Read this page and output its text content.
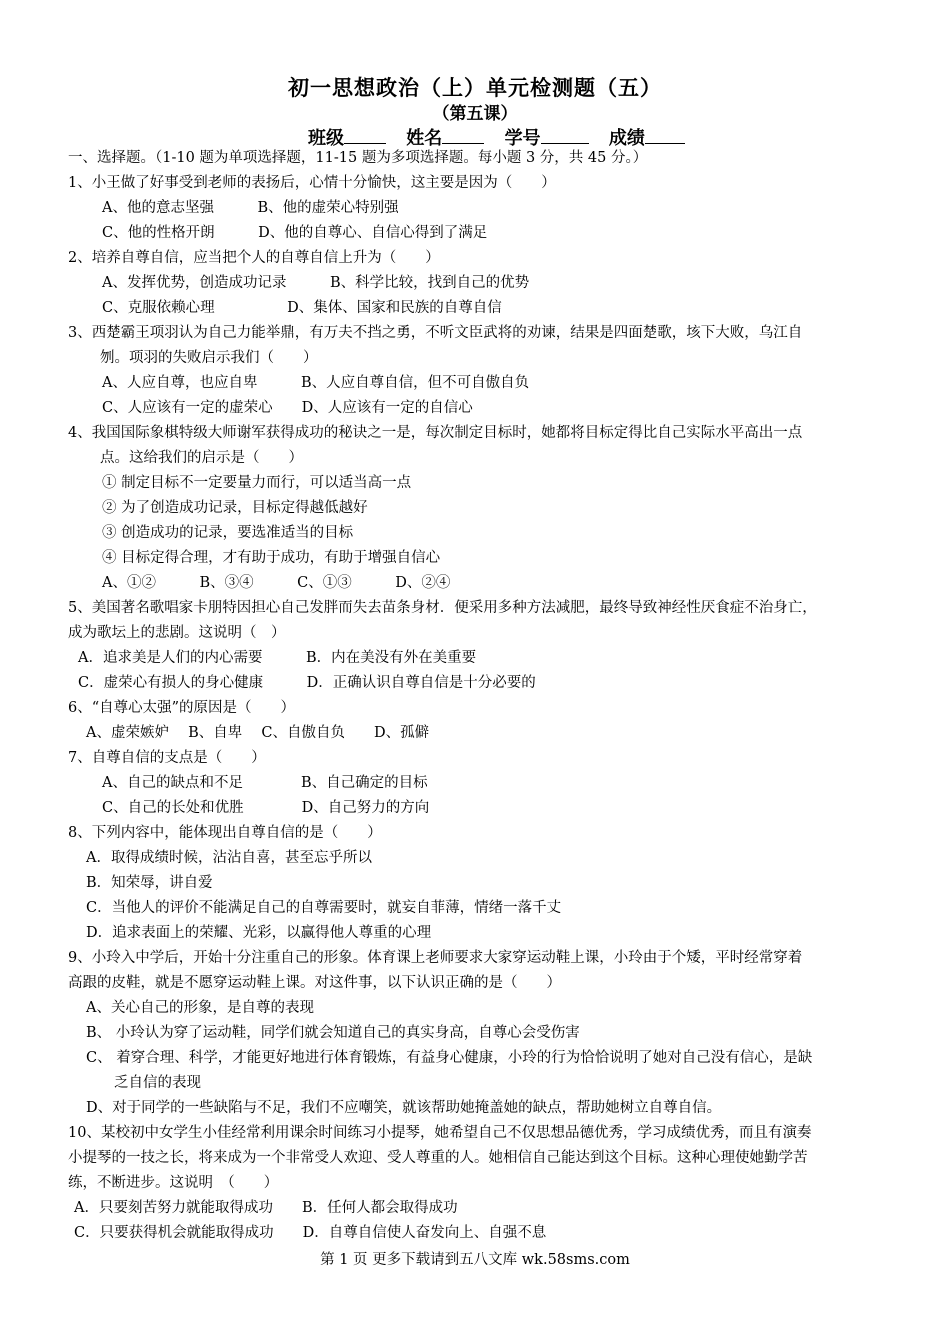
初一思想政治（上）单元检测题（五）
（第五课）
班级	姓名	学号	成绩
一、选择题。（1-10 题为单项选择题，11-15 题为多项选择题。每小题 3 分，共 45 分。）
1、小王做了好事受到老师的表扬后，心情十分愉快，这主要是因为（　　）
A、他的意志坚强　　　B、他的虚荣心特别强
C、他的性格开朗　　　D、他的自尊心、自信心得到了满足
2、培养自尊自信，应当把个人的自尊自信上升为（　　）
A、发挥优势，创造成功记录　　　B、科学比较，找到自己的优势
C、克服依赖心理　　　　　D、集体、国家和民族的自尊自信
3、西楚霸王项羽认为自己力能举鼎，有万夫不挡之勇，不听文臣武将的劝谏，结果是四面楚歌，垓下大败，乌江自
刎。项羽的失败启示我们（　　）
A、人应自尊，也应自卑　　　B、人应自尊自信，但不可自傲自负
C、人应该有一定的虚荣心　　D、人应该有一定的自信心
4、我国国际象棋特级大师谢军获得成功的秘诀之一是，每次制定目标时，她都将目标定得比自己实际水平高出一点
点。这给我们的启示是（　　）
① 制定目标不一定要量力而行，可以适当高一点
② 为了创造成功记录，目标定得越低越好
③ 创造成功的记录，要选准适当的目标
④ 目标定得合理，才有助于成功，有助于增强自信心
A、①②　　　B、③④　　　C、①③　　　D、②④
5、美国著名歌唱家卡朋特因担心自己发胖而失去苗条身材．便采用多种方法减肥，最终导致神经性厌食症不治身亡，
成为歌坛上的悲剧。这说明（　）
A．追求美是人们的内心需要　　　B．内在美没有外在美重要
C．虚荣心有损人的身心健康　　　D．正确认识自尊自信是十分必要的
6、“自尊心太强”的原因是（　　）
A、虚荣嫉妒　 B、自卑　 C、自傲自负　　D、孤僻
7、自尊自信的支点是（　　）
A、自己的缺点和不足　　　　B、自己确定的目标
C、自己的长处和优胜　　　　D、自己努力的方向
8、下列内容中，能体现出自尊自信的是（　　）
A．取得成绩时候，沾沾自喜，甚至忘乎所以
B．知荣辱，讲自爱
C．当他人的评价不能满足自己的自尊需要时，就妄自菲薄，情绪一落千丈
D．追求表面上的荣耀、光彩，以赢得他人尊重的心理
9、小玲入中学后，开始十分注重自己的形象。体育课上老师要求大家穿运动鞋上课，小玲由于个矮，平时经常穿着
高跟的皮鞋，就是不愿穿运动鞋上课。对这件事，以下认识正确的是（　　）
A、关心自己的形象，是自尊的表现
B、 小玲认为穿了运动鞋，同学们就会知道自己的真实身高，自尊心会受伤害
C、 着穿合理、科学，才能更好地进行体育锻炼，有益身心健康，小玲的行为恰恰说明了她对自己没有信心，是缺
乏自信的表现
D、对于同学的一些缺陷与不足，我们不应嘲笑，就该帮助她掩盖她的缺点，帮助她树立自尊自信。
10、某校初中女学生小佳经常利用课余时间练习小提琴，她希望自己不仅思想品德优秀，学习成绩优秀，而且有演奏
小提琴的一技之长，将来成为一个非常受人欢迎、受人尊重的人。她相信自己能达到这个目标。这种心理使她勤学苦
练，不断进步。这说明　（　　）
A．只要刻苦努力就能取得成功　　B．任何人都会取得成功
C．只要获得机会就能取得成功　　D．自尊自信使人奋发向上、自强不息
第 1 页 更多下载请到五八文库 wk.58sms.com
